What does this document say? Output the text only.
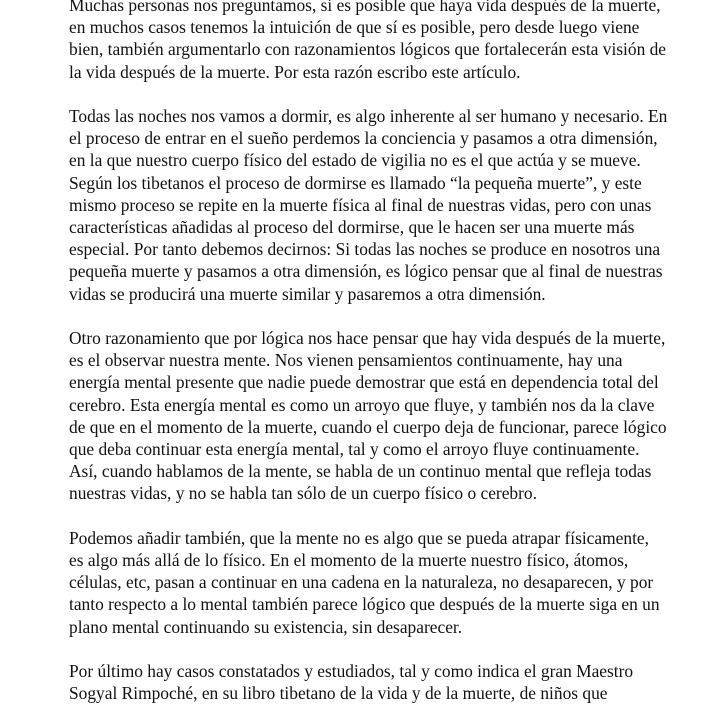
Muchas personas nos preguntamos, si es posible que haya vida después de la muerte,
en muchos casos tenemos la intuición de que sí es posible, pero desde luego viene
bien, también argumentarlo con razonamientos lógicos que fortalecerán esta visión de
la vida después de la muerte. Por esta razón escribo este artículo.

Todas las noches nos vamos a dormir, es algo inherente al ser humano y necesario. En
el proceso de entrar en el sueño perdemos la conciencia y pasamos a otra dimensión,
en la que nuestro cuerpo físico del estado de vigilia no es el que actúa y se mueve.
Según los tibetanos el proceso de dormirse es llamado “la pequeña muerte”, y este
mismo proceso se repite en la muerte física al final de nuestras vidas, pero con unas
características añadidas al proceso del dormirse, que le hacen ser una muerte más
especial. Por tanto debemos decirnos: Si todas las noches se produce en nosotros una
pequeña muerte y pasamos a otra dimensión, es lógico pensar que al final de nuestras
vidas se producirá una muerte similar y pasaremos a otra dimensión.

Otro razonamiento que por lógica nos hace pensar que hay vida después de la muerte,
es el observar nuestra mente. Nos vienen pensamientos continuamente, hay una
energía mental presente que nadie puede demostrar que está en dependencia total del
cerebro. Esta energía mental es como un arroyo que fluye, y también nos da la clave
de que en el momento de la muerte, cuando el cuerpo deja de funcionar, parece lógico
que deba continuar esta energía mental, tal y como el arroyo fluye continuamente.
Así, cuando hablamos de la mente, se habla de un continuo mental que refleja todas
nuestras vidas, y no se habla tan sólo de un cuerpo físico o cerebro.

Podemos añadir también, que la mente no es algo que se pueda atrapar físicamente,
es algo más allá de lo físico. En el momento de la muerte nuestro físico, átomos,
células, etc, pasan a continuar en una cadena en la naturaleza, no desaparecen, y por
tanto respecto a lo mental también parece lógico que después de la muerte siga en un
plano mental continuando su existencia, sin desaparecer.

Por último hay casos constatados y estudiados, tal y como indica el gran Maestro
Sogyal Rimpoché, en su libro tibetano de la vida y de la muerte, de niños que
